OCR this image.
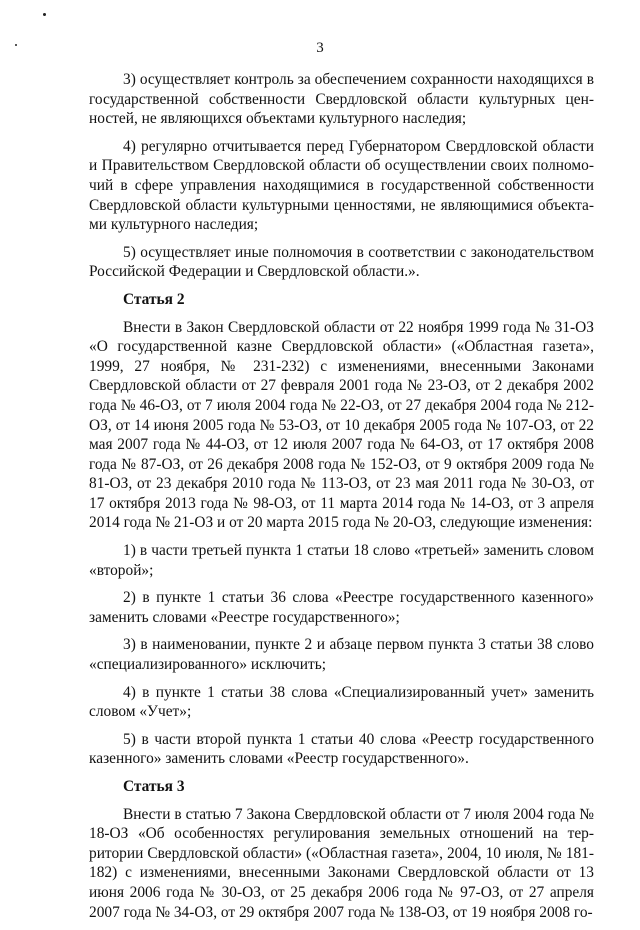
3

3) осуществляет контроль за обеспечением сохранности находящихся в государственной собственности Свердловской области культурных ценностей, не являющихся объектами культурного наследия;

4) регулярно отчитывается перед Губернатором Свердловской области и Правительством Свердловской области об осуществлении своих полномочий в сфере управления находящимися в государственной собственности Свердловской области культурными ценностями, не являющимися объектами культурного наследия;

5) осуществляет иные полномочия в соответствии с законодательством Российской Федерации и Свердловской области.».

Статья 2

Внести в Закон Свердловской области от 22 ноября 1999 года № 31-ОЗ «О государственной казне Свердловской области» («Областная газета», 1999, 27 ноября, № 231-232) с изменениями, внесенными Законами Свердловской области от 27 февраля 2001 года № 23-ОЗ, от 2 декабря 2002 года № 46-ОЗ, от 7 июля 2004 года № 22-ОЗ, от 27 декабря 2004 года № 212-ОЗ, от 14 июня 2005 года № 53-ОЗ, от 10 декабря 2005 года № 107-ОЗ, от 22 мая 2007 года № 44-ОЗ, от 12 июля 2007 года № 64-ОЗ, от 17 октября 2008 года № 87-ОЗ, от 26 декабря 2008 года № 152-ОЗ, от 9 октября 2009 года № 81-ОЗ, от 23 декабря 2010 года № 113-ОЗ, от 23 мая 2011 года № 30-ОЗ, от 17 октября 2013 года № 98-ОЗ, от 11 марта 2014 года № 14-ОЗ, от 3 апреля 2014 года № 21-ОЗ и от 20 марта 2015 года № 20-ОЗ, следующие изменения:

1) в части третьей пункта 1 статьи 18 слово «третьей» заменить словом «второй»;

2) в пункте 1 статьи 36 слова «Реестре государственного казенного» заменить словами «Реестре государственного»;

3) в наименовании, пункте 2 и абзаце первом пункта 3 статьи 38 слово «специализированного» исключить;

4) в пункте 1 статьи 38 слова «Специализированный учет» заменить словом «Учет»;

5) в части второй пункта 1 статьи 40 слова «Реестр государственного казенного» заменить словами «Реестр государственного».

Статья 3

Внести в статью 7 Закона Свердловской области от 7 июля 2004 года № 18-ОЗ «Об особенностях регулирования земельных отношений на территории Свердловской области» («Областная газета», 2004, 10 июля, № 181-182) с изменениями, внесенными Законами Свердловской области от 13 июня 2006 года № 30-ОЗ, от 25 декабря 2006 года № 97-ОЗ, от 27 апреля 2007 года № 34-ОЗ, от 29 октября 2007 года № 138-ОЗ, от 19 ноября 2008 го-
